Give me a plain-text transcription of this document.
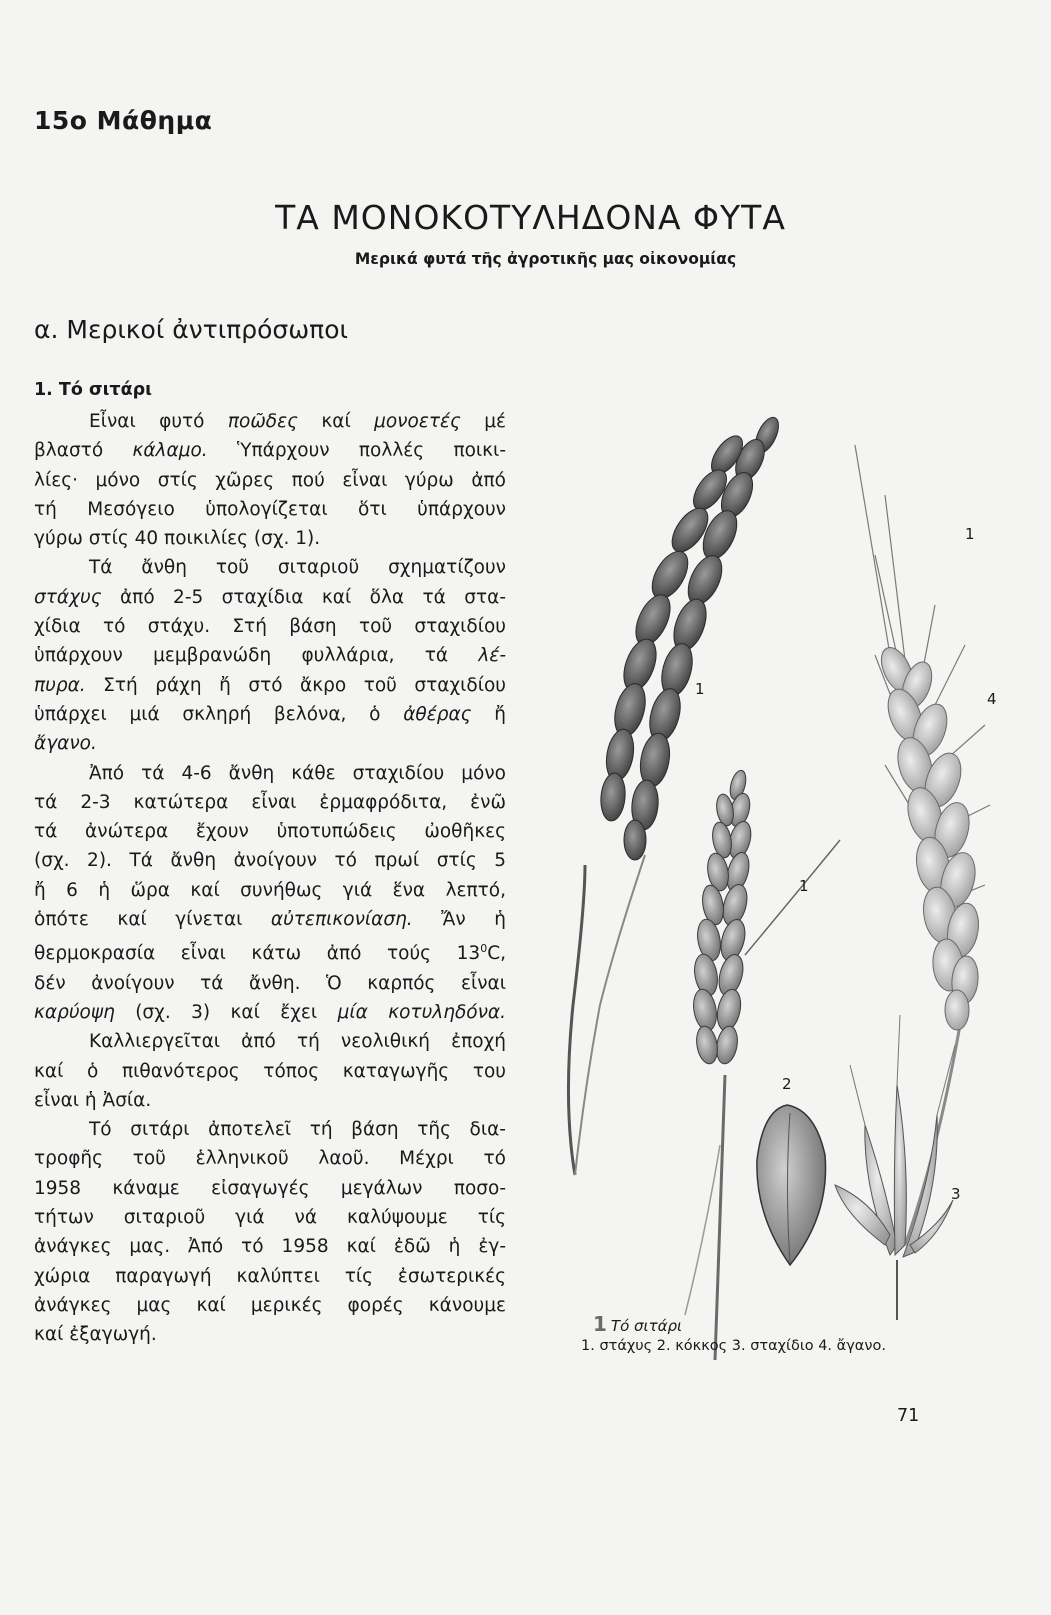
15ο Μάθημα
ΤΑ ΜΟΝΟΚΟΤΥΛΗΔΟΝΑ ΦΥΤΑ
Μερικά φυτά τῆς ἀγροτικῆς μας οἰκονομίας
α. Μερικοί ἀντιπρόσωποι
1. Τό σιτάρι
Εἶναι φυτό ποῶδες καί μονοετές μέ
βλαστό κάλαμο. Ὑπάρχουν πολλές ποικι-
λίες· μόνο στίς χῶρες πού εἶναι γύρω ἀπό
τή Μεσόγειο ὑπολογίζεται ὅτι ὑπάρχουν
γύρω στίς 40 ποικιλίες (σχ. 1).
Τά ἄνθη τοῦ σιταριοῦ σχηματίζουν
στάχυς ἀπό 2-5 σταχίδια καί ὅλα τά στα-
χίδια τό στάχυ. Στή βάση τοῦ σταχιδίου
ὑπάρχουν μεμβρανώδη φυλλάρια, τά λέ-
πυρα. Στή ράχη ἤ στό ἄκρο τοῦ σταχιδίου
ὑπάρχει μιά σκληρή βελόνα, ὁ ἀθέρας ἤ
ἄγανο.
Ἀπό τά 4-6 ἄνθη κάθε σταχιδίου μόνο
τά 2-3 κατώτερα εἶναι ἑρμαφρόδιτα, ἐνῶ
τά ἀνώτερα ἔχουν ὑποτυπώδεις ὠοθῆκες
(σχ. 2). Τά ἄνθη ἀνοίγουν τό πρωί στίς 5
ἤ 6 ἡ ὥρα καί συνήθως γιά ἕνα λεπτό,
ὁπότε καί γίνεται αὐτεπικονίαση. Ἄν ἡ
θερμοκρασία εἶναι κάτω ἀπό τούς $13^0C$,
δέν ἀνοίγουν τά ἄνθη. Ὁ καρπός εἶναι
καρύοψη (σχ. 3) καί ἔχει μία κοτυληδόνα.
Καλλιεργεῖται ἀπό τή νεολιθική ἐποχή
καί ὁ πιθανότερος τόπος καταγωγῆς του
εἶναι ἡ Ἀσία.
Τό σιτάρι ἀποτελεῖ τή βάση τῆς δια-
τροφῆς τοῦ ἑλληνικοῦ λαοῦ. Μέχρι τό
1958 κάναμε εἰσαγωγές μεγάλων ποσο-
τήτων σιταριοῦ γιά νά καλύψουμε τίς
ἀνάγκες μας. Ἀπό τό 1958 καί ἐδῶ ἡ ἐγ-
χώρια παραγωγή καλύπτει τίς ἐσωτερικές
ἀνάγκες μας καί μερικές φορές κάνουμε
καί ἐξαγωγή.
1
1
4
1
2
3
1 Τό σιτάρι
1. στάχυς 2. κόκκος 3. σταχίδιο 4. ἄγανο.
71
